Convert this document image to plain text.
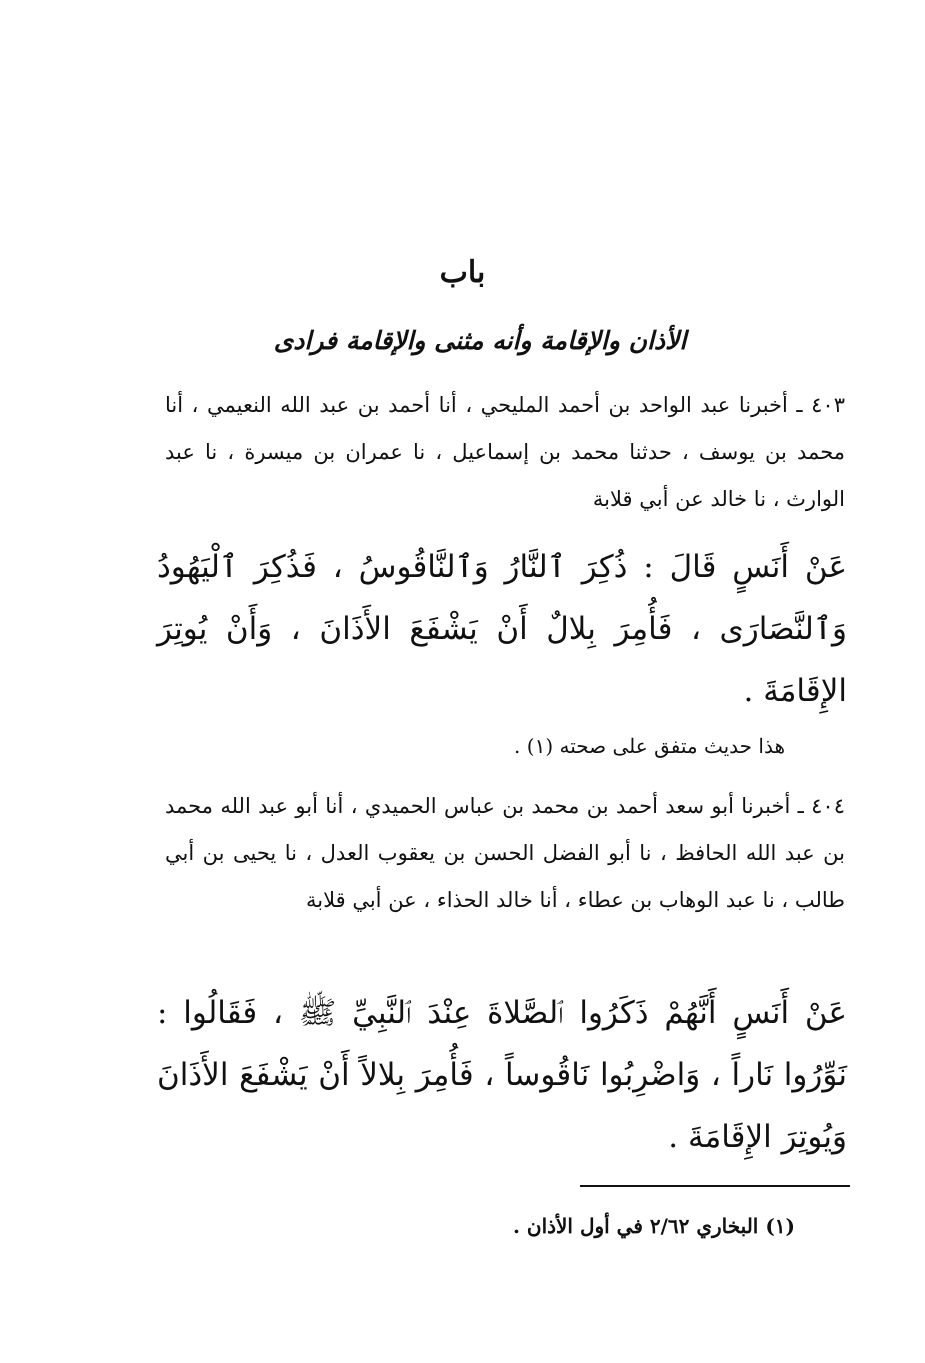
باب
الأذان والإقامة وأنه مثنى والإقامة فرادى

٤٠٣ ـ أخبرنا عبد الواحد بن أحمد المليحي ، أنا أحمد بن عبد الله النعيمي ، أنا محمد بن يوسف ، حدثنا محمد بن إسماعيل ، نا عمران بن ميسرة ، نا عبد الوارث ، نا خالد عن أبي قلابة

عَنْ أَنَسٍ قَالَ : ذُكِرَ ٱلنَّارُ وَٱلنَّاقُوسُ ، فَذُكِرَ ٱلْيَهُودُ وَٱلنَّصَارَى ، فَأُمِرَ بِلالٌ أَنْ يَشْفَعَ الأَذَانَ ، وَأَنْ يُوتِرَ الإِقَامَةَ .

هذا حديث متفق على صحته (١) .

٤٠٤ ـ أخبرنا أبو سعد أحمد بن محمد بن عباس الحميدي ، أنا أبو عبد الله محمد بن عبد الله الحافظ ، نا أبو الفضل الحسن بن يعقوب العدل ، نا يحيى بن أبي طالب ، نا عبد الوهاب بن عطاء ، أنا خالد الحذاء ، عن أبي قلابة

عَنْ أَنَسٍ أَنَّهُمْ ذَكَرُوا ٱلصَّلاةَ عِنْدَ ٱلنَّبِيِّ ﷺ ، فَقَالُوا : نَوِّرُوا نَاراً ، وَاضْرِبُوا نَاقُوساً ، فَأُمِرَ بِلالاً أَنْ يَشْفَعَ الأَذَانَ وَيُوتِرَ الإِقَامَةَ .

(١) البخاري ٢/٦٢ في أول الأذان .
